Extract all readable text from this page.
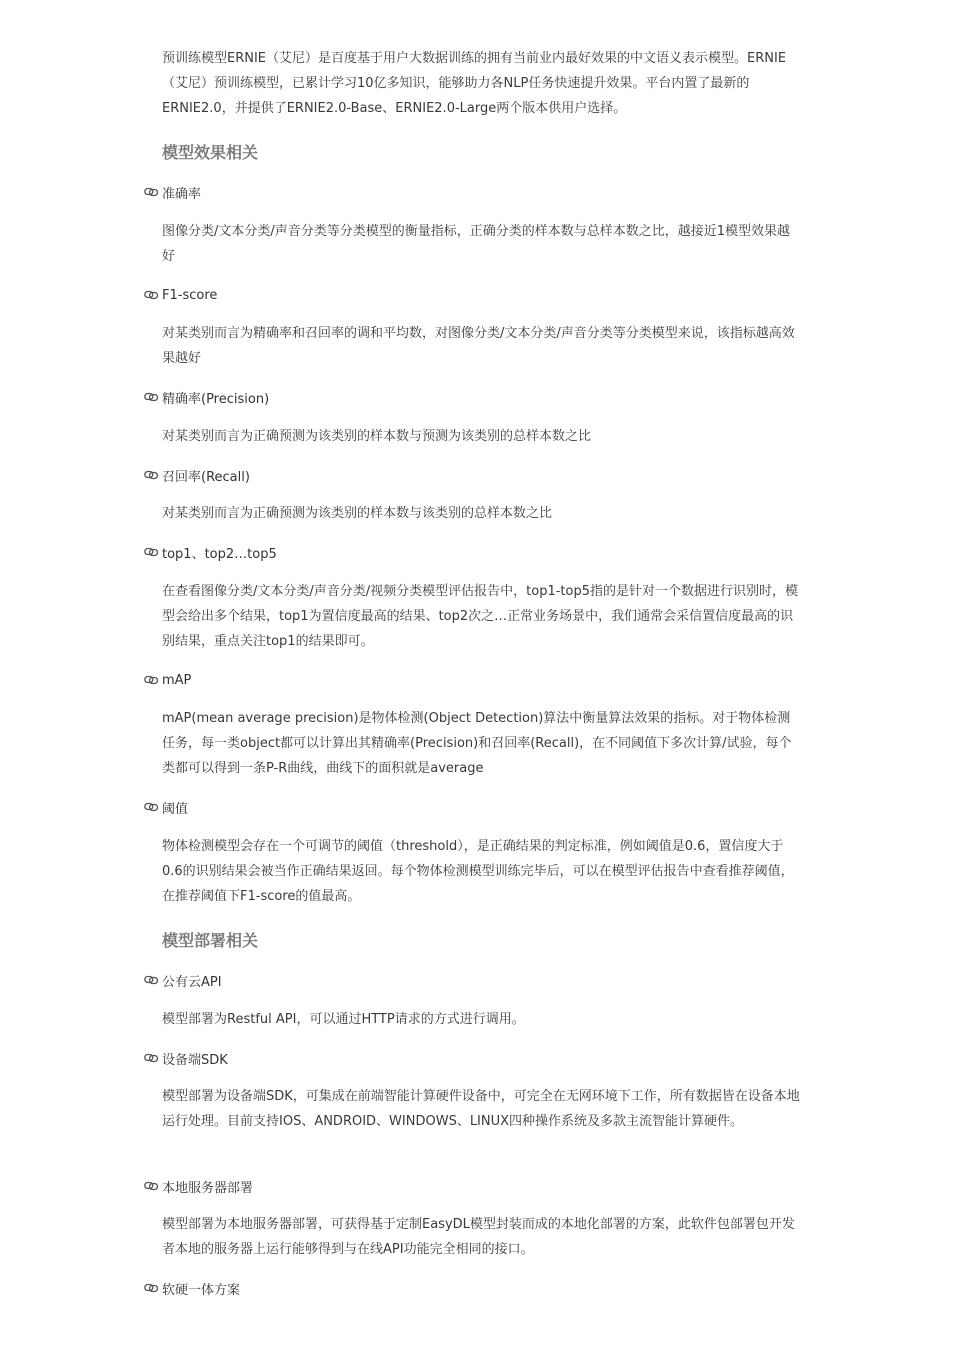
预训练模型ERNIE（艾尼）是百度基于用户大数据训练的拥有当前业内最好效果的中文语义表示模型。ERNIE（艾尼）预训练模型，已累计学习10亿多知识，能够助力各NLP任务快速提升效果。平台内置了最新的ERNIE2.0，并提供了ERNIE2.0-Base、ERNIE2.0-Large两个版本供用户选择。

模型效果相关
准确率

图像分类/文本分类/声音分类等分类模型的衡量指标，正确分类的样本数与总样本数之比，越接近1模型效果越好

F1-score

对某类别而言为精确率和召回率的调和平均数，对图像分类/文本分类/声音分类等分类模型来说，该指标越高效果越好

精确率(Precision)

对某类别而言为正确预测为该类别的样本数与预测为该类别的总样本数之比

召回率(Recall)

对某类别而言为正确预测为该类别的样本数与该类别的总样本数之比

top1、top2…top5

在查看图像分类/文本分类/声音分类/视频分类模型评估报告中，top1-top5指的是针对一个数据进行识别时，模型会给出多个结果，top1为置信度最高的结果、top2次之…正常业务场景中，我们通常会采信置信度最高的识别结果，重点关注top1的结果即可。

mAP

mAP(mean average precision)是物体检测(Object Detection)算法中衡量算法效果的指标。对于物体检测任务，每一类object都可以计算出其精确率(Precision)和召回率(Recall)，在不同阈值下多次计算/试验，每个类都可以得到一条P-R曲线，曲线下的面积就是average

阈值

物体检测模型会存在一个可调节的阈值（threshold），是正确结果的判定标准，例如阈值是0.6，置信度大于0.6的识别结果会被当作正确结果返回。每个物体检测模型训练完毕后，可以在模型评估报告中查看推荐阈值，在推荐阈值下F1-score的值最高。

模型部署相关
公有云API

模型部署为Restful API，可以通过HTTP请求的方式进行调用。

设备端SDK

模型部署为设备端SDK，可集成在前端智能计算硬件设备中，可完全在无网环境下工作，所有数据皆在设备本地运行处理。目前支持IOS、ANDROID、WINDOWS、LINUX四种操作系统及多款主流智能计算硬件。

本地服务器部署

模型部署为本地服务器部署，可获得基于定制EasyDL模型封装而成的本地化部署的方案，此软件包部署包开发者本地的服务器上运行能够得到与在线API功能完全相同的接口。

软硬一体方案
